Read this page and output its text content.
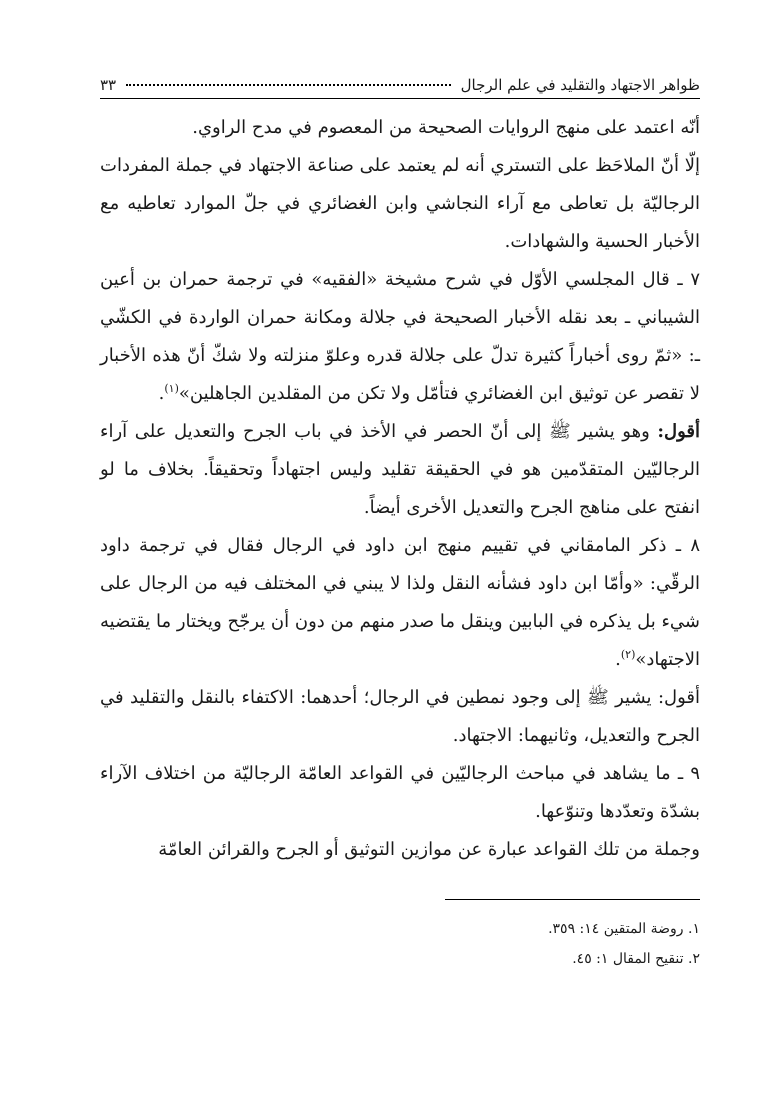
ظواهر الاجتهاد والتقليد في علم الرجال
٣٣

أنّه اعتمد على منهج الروايات الصحيحة من المعصوم في مدح الراوي.

إلّا أنّ الملاحَظ على التستري أنه لم يعتمد على صناعة الاجتهاد في جملة المفردات الرجاليّة بل تعاطى مع آراء النجاشي وابن الغضائري في جلّ الموارد تعاطيه مع الأخبار الحسية والشهادات.

٧ ـ قال المجلسي الأوّل في شرح مشيخة «الفقيه» في ترجمة حمران بن أعين الشيباني ـ بعد نقله الأخبار الصحيحة في جلالة ومكانة حمران الواردة في الكشّي ـ: «ثمّ روى أخباراً كثيرة تدلّ على جلالة قدره وعلوّ منزلته ولا شكّ أنّ هذه الأخبار لا تقصر عن توثيق ابن الغضائري فتأمّل ولا تكن من المقلدين الجاهلين»$^{(١)}$.

أقول: وهو يشير ﷺ إلى أنّ الحصر في الأخذ في باب الجرح والتعديل على آراء الرجاليّين المتقدّمين هو في الحقيقة تقليد وليس اجتهاداً وتحقيقاً. بخلاف ما لو انفتح على مناهج الجرح والتعديل الأخرى أيضاً.

٨ ـ ذكر المامقاني في تقييم منهج ابن داود في الرجال فقال في ترجمة داود الرقّي: «وأمّا ابن داود فشأنه النقل ولذا لا يبني في المختلف فيه من الرجال على شيء بل يذكره في البابين وينقل ما صدر منهم من دون أن يرجّح ويختار ما يقتضيه الاجتهاد»$^{(٢)}$.

أقول: يشير ﷺ إلى وجود نمطين في الرجال؛ أحدهما: الاكتفاء بالنقل والتقليد في الجرح والتعديل، وثانيهما: الاجتهاد.

٩ ـ ما يشاهد في مباحث الرجاليّين في القواعد العامّة الرجاليّة من اختلاف الآراء بشدّة وتعدّدها وتنوّعها.

وجملة من تلك القواعد عبارة عن موازين التوثيق أو الجرح والقرائن العامّة

١. روضة المتقين ١٤: ٣٥٩.
٢. تنقيح المقال ١: ٤٥.
